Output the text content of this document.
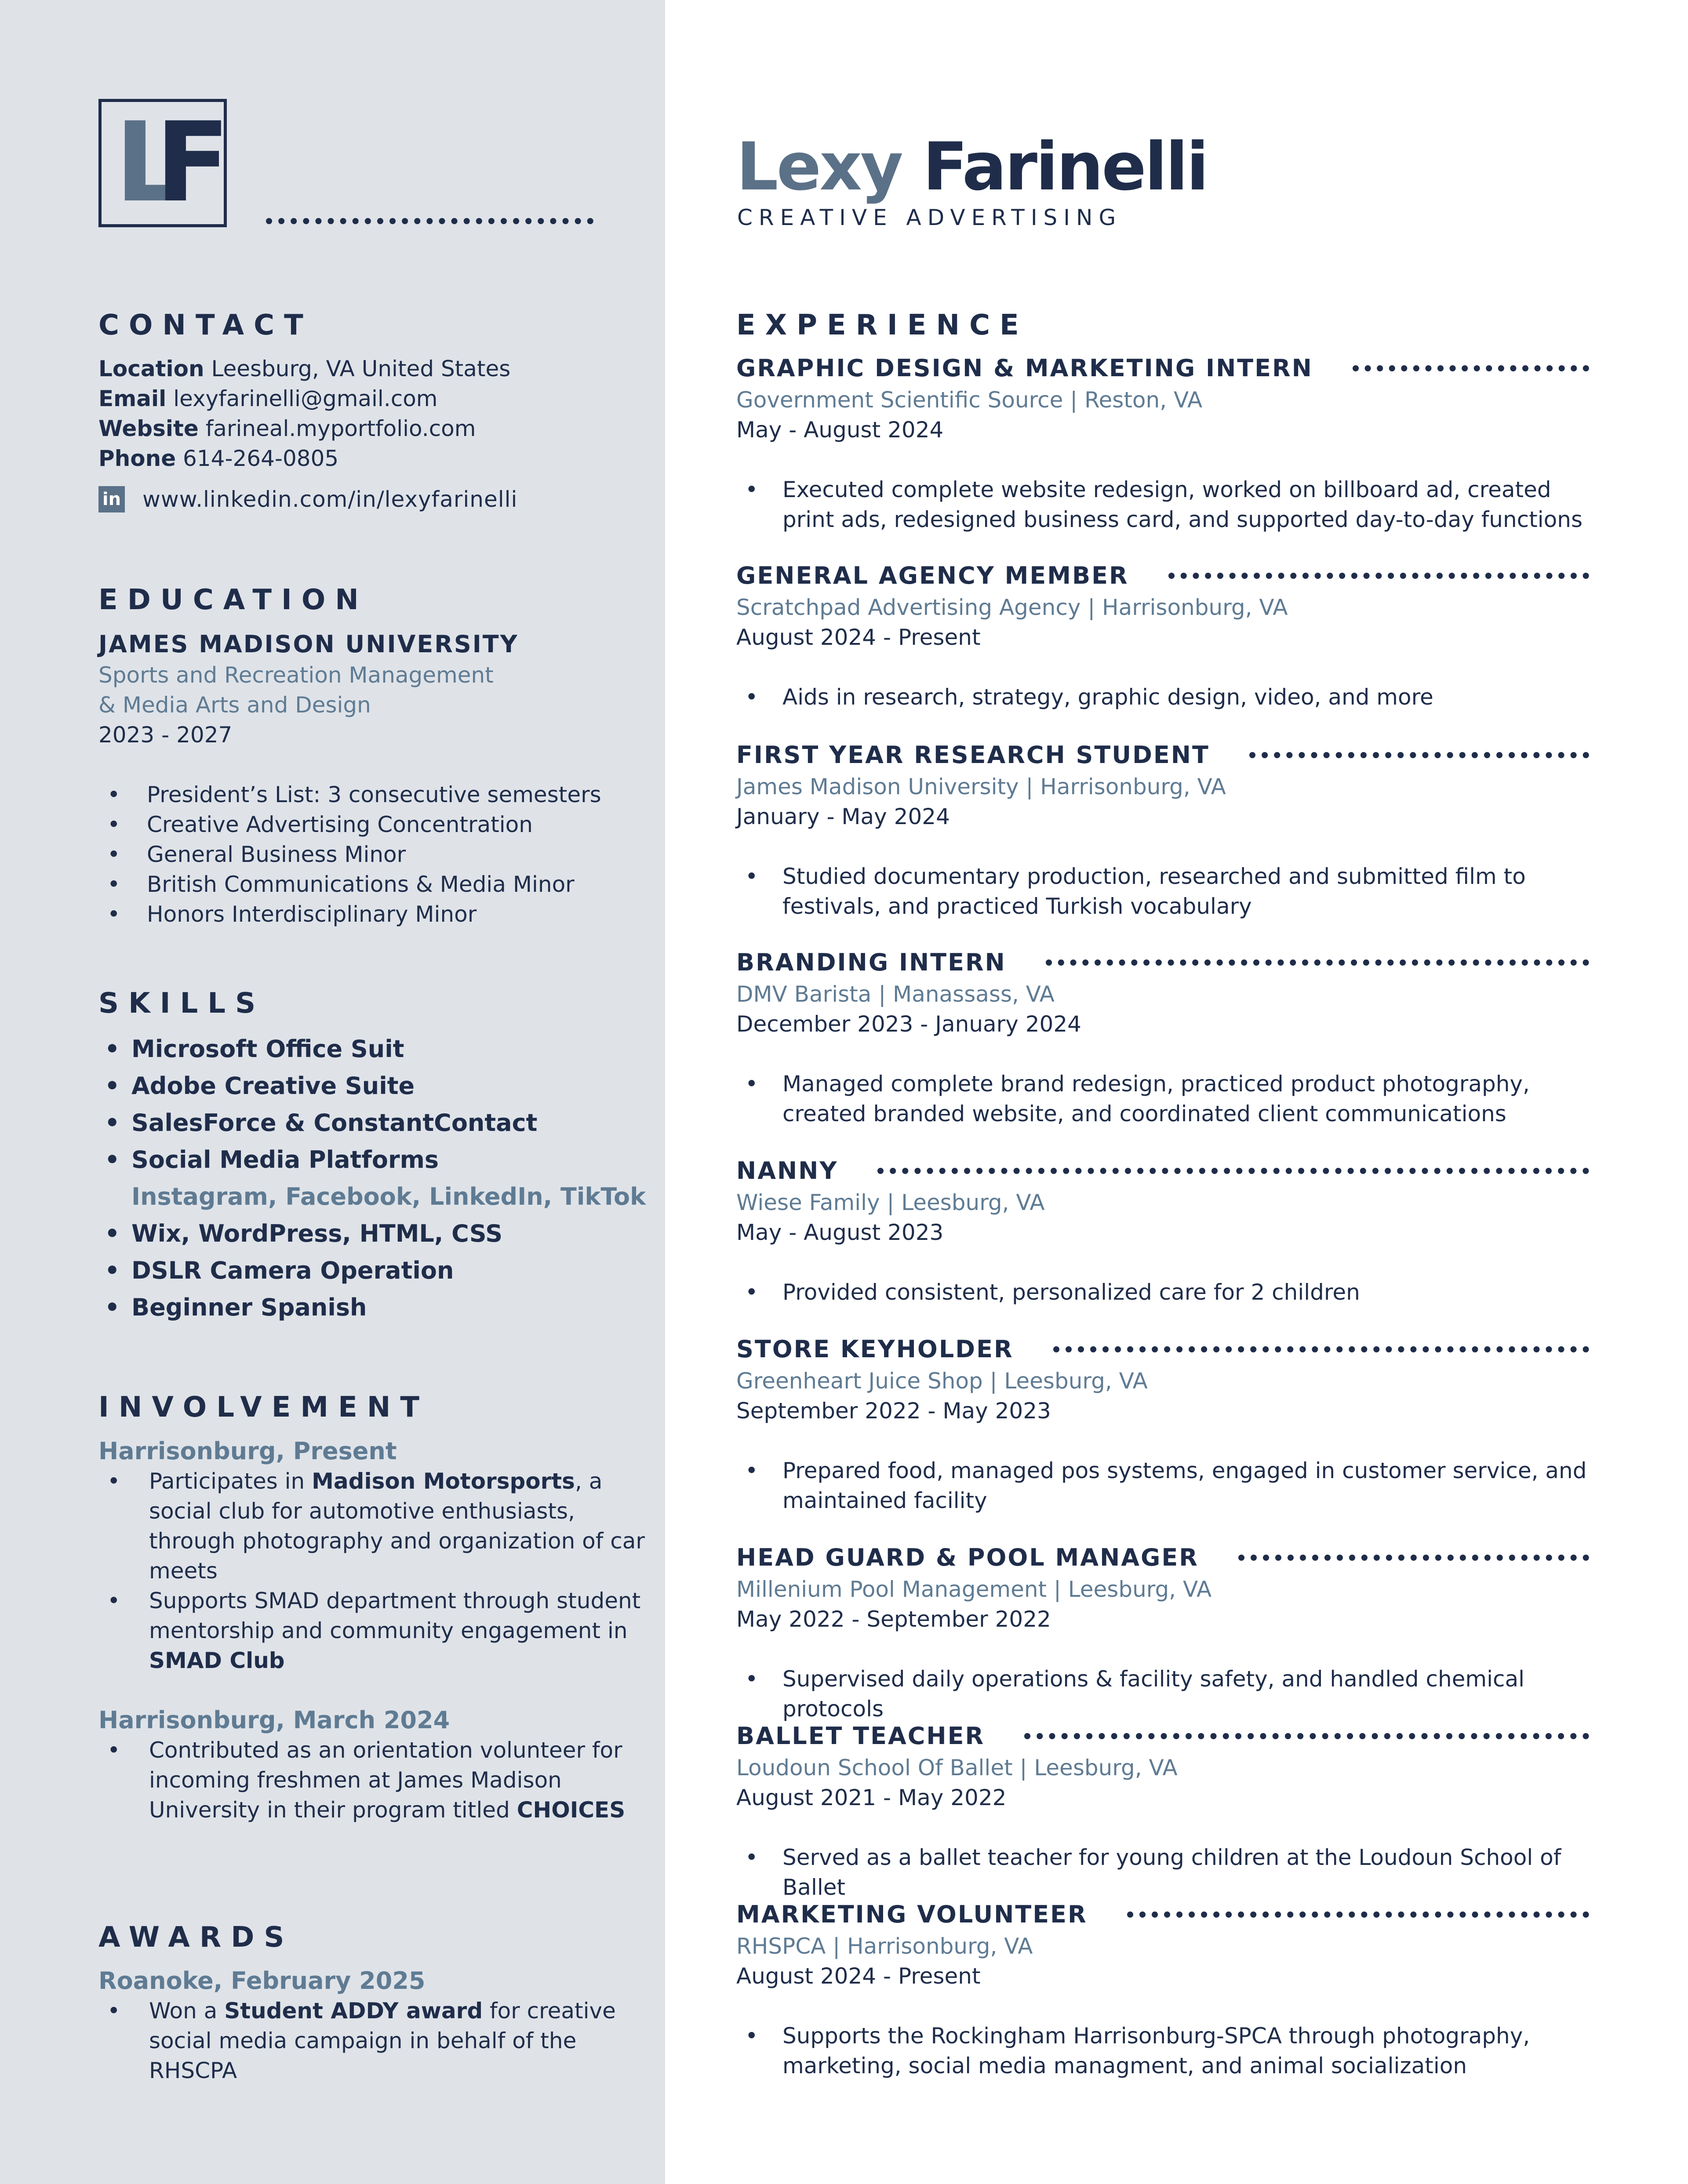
L
F	Lexy Farinelli
CREATIVE ADVERTISING
CONTACT
Location Leesburg, VA United States
Email lexyfarinelli@gmail.com
Website farineal.myportfolio.com
Phone 614-264-0805
in www.linkedin.com/in/lexyfarinelli
EDUCATION
JAMES MADISON UNIVERSITY
Sports and Recreation Management
& Media Arts and Design
2023 - 2027
• President’s List: 3 consecutive semesters
• Creative Advertising Concentration
• General Business Minor
• British Communications & Media Minor
• Honors Interdisciplinary Minor
SKILLS
• Microsoft Office Suit
• Adobe Creative Suite
• SalesForce & ConstantContact
• Social Media Platforms
Instagram, Facebook, LinkedIn, TikTok
• Wix, WordPress, HTML, CSS
• DSLR Camera Operation
• Beginner Spanish
INVOLVEMENT
Harrisonburg, Present
• Participates in Madison Motorsports, a social club for automotive enthusiasts, through photography and organization of car meets
• Supports SMAD department through student mentorship and community engagement in SMAD Club
Harrisonburg, March 2024
• Contributed as an orientation volunteer for incoming freshmen at James Madison University in their program titled CHOICES
AWARDS
Roanoke, February 2025
• Won a Student ADDY award for creative social media campaign in behalf of the RHSCPA
EXPERIENCE
GRAPHIC DESIGN & MARKETING INTERN
Government Scientific Source | Reston, VA
May - August 2024
• Executed complete website redesign, worked on billboard ad, created print ads, redesigned business card, and supported day-to-day functions
GENERAL AGENCY MEMBER
Scratchpad Advertising Agency | Harrisonburg, VA
August 2024 - Present
• Aids in research, strategy, graphic design, video, and more
FIRST YEAR RESEARCH STUDENT
James Madison University | Harrisonburg, VA
January - May 2024
• Studied documentary production, researched and submitted film to festivals, and practiced Turkish vocabulary
BRANDING INTERN
DMV Barista | Manassass, VA
December 2023 - January 2024
• Managed complete brand redesign, practiced product photography, created branded website, and coordinated client communications
NANNY
Wiese Family | Leesburg, VA
May - August 2023
• Provided consistent, personalized care for 2 children
STORE KEYHOLDER
Greenheart Juice Shop | Leesburg, VA
September 2022 - May 2023
• Prepared food, managed pos systems, engaged in customer service, and maintained facility
HEAD GUARD & POOL MANAGER
Millenium Pool Management | Leesburg, VA
May 2022 - September 2022
• Supervised daily operations & facility safety, and handled chemical protocols
BALLET TEACHER
Loudoun School Of Ballet | Leesburg, VA
August 2021 - May 2022
• Served as a ballet teacher for young children at the Loudoun School of Ballet
MARKETING VOLUNTEER
RHSPCA | Harrisonburg, VA
August 2024 - Present
• Supports the Rockingham Harrisonburg-SPCA through photography, marketing, social media managment, and animal socialization
